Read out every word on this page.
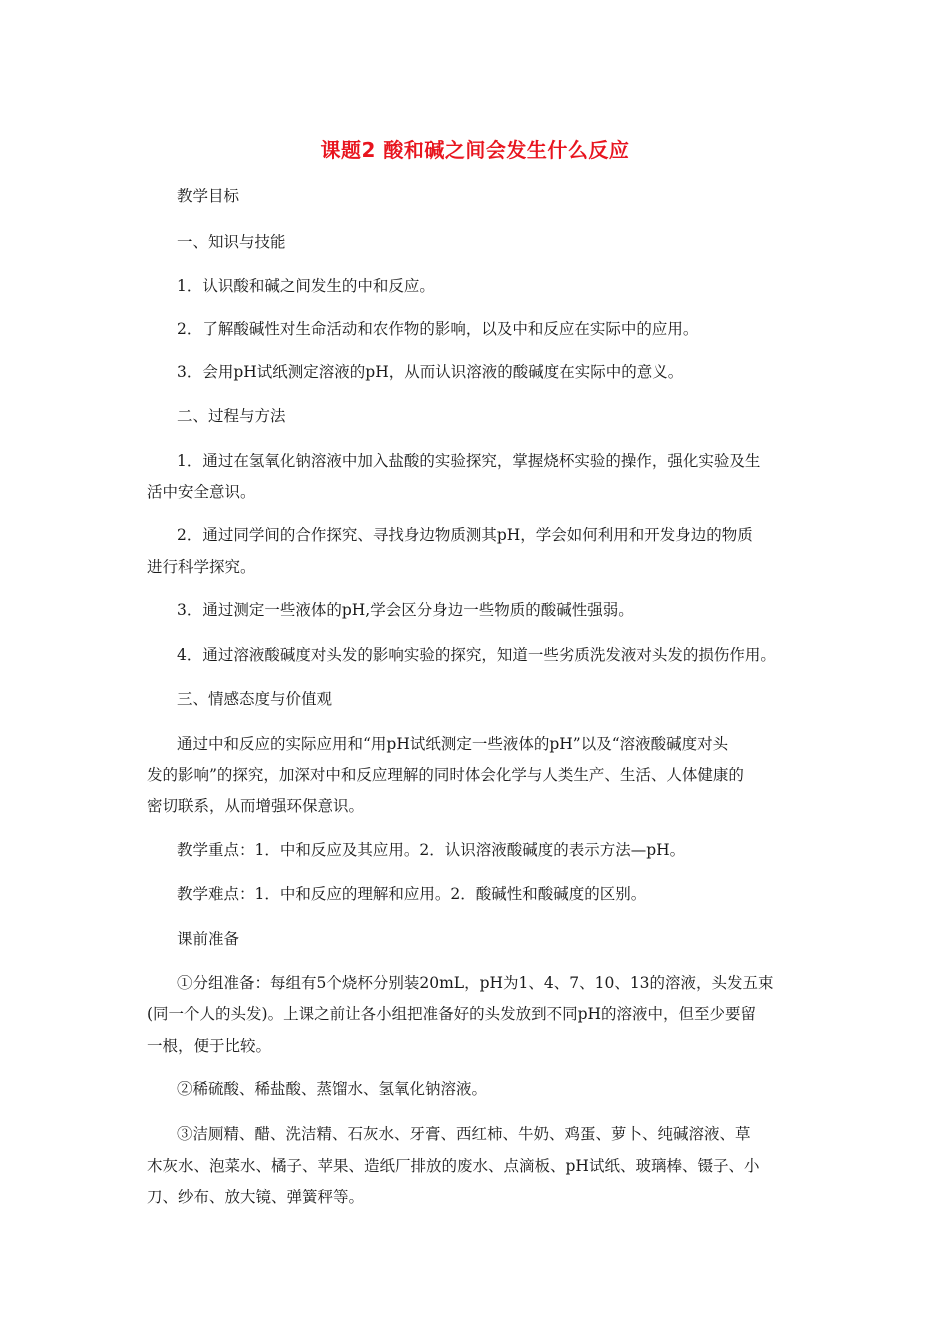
课题2 酸和碱之间会发生什么反应
教学目标
一、知识与技能
1．认识酸和碱之间发生的中和反应。
2．了解酸碱性对生命活动和农作物的影响，以及中和反应在实际中的应用。
3．会用pH试纸测定溶液的pH，从而认识溶液的酸碱度在实际中的意义。
二、过程与方法
1．通过在氢氧化钠溶液中加入盐酸的实验探究，掌握烧杯实验的操作，强化实验及生
活中安全意识。
2．通过同学间的合作探究、寻找身边物质测其pH，学会如何利用和开发身边的物质
进行科学探究。
3．通过测定一些液体的pH,学会区分身边一些物质的酸碱性强弱。
4．通过溶液酸碱度对头发的影响实验的探究，知道一些劣质洗发液对头发的损伤作用。
三、情感态度与价值观
通过中和反应的实际应用和“用pH试纸测定一些液体的pH”以及“溶液酸碱度对头
发的影响”的探究，加深对中和反应理解的同时体会化学与人类生产、生活、人体健康的
密切联系，从而增强环保意识。
教学重点：1．中和反应及其应用。2．认识溶液酸碱度的表示方法—pH。
教学难点：1．中和反应的理解和应用。2．酸碱性和酸碱度的区别。
课前准备
①分组准备：每组有5个烧杯分别装20mL，pH为1、4、7、10、13的溶液，头发五束
(同一个人的头发)。上课之前让各小组把准备好的头发放到不同pH的溶液中，但至少要留
一根，便于比较。
②稀硫酸、稀盐酸、蒸馏水、氢氧化钠溶液。
③洁厕精、醋、洗洁精、石灰水、牙膏、西红柿、牛奶、鸡蛋、萝卜、纯碱溶液、草
木灰水、泡菜水、橘子、苹果、造纸厂排放的废水、点滴板、pH试纸、玻璃棒、镊子、小
刀、纱布、放大镜、弹簧秤等。
